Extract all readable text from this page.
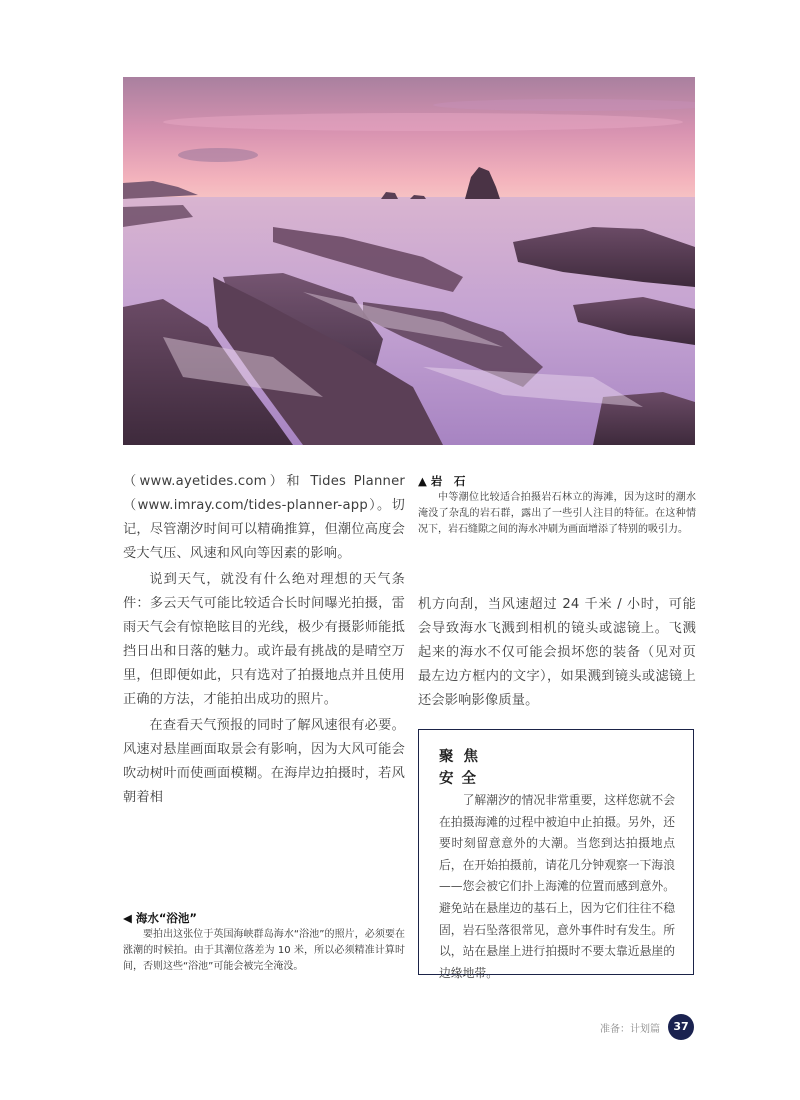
（www.ayetides.com）和 Tides Planner（www.imray.com/tides-planner-app）。切记，尽管潮汐时间可以精确推算，但潮位高度会受大气压、风速和风向等因素的影响。

说到天气，就没有什么绝对理想的天气条件：多云天气可能比较适合长时间曝光拍摄，雷雨天气会有惊艳眩目的光线，极少有摄影师能抵挡日出和日落的魅力。或许最有挑战的是晴空万里，但即便如此，只有选对了拍摄地点并且使用正确的方法，才能拍出成功的照片。

在查看天气预报的同时了解风速很有必要。风速对悬崖画面取景会有影响，因为大风可能会吹动树叶而使画面模糊。在海岸边拍摄时，若风朝着相

机方向刮，当风速超过 24 千米 / 小时，可能会导致海水飞溅到相机的镜头或滤镜上。飞溅起来的海水不仅可能会损坏您的装备（见对页最左边方框内的文字），如果溅到镜头或滤镜上还会影响影像质量。

▲ 岩　石

中等潮位比较适合拍摄岩石林立的海滩，因为这时的潮水淹没了杂乱的岩石群，露出了一些引人注目的特征。在这种情况下，岩石缝隙之间的海水冲刷为画面增添了特别的吸引力。

◀ 海水“浴池”

要拍出这张位于英国海峡群岛海水“浴池”的照片，必须要在涨潮的时候拍。由于其潮位落差为 10 米，所以必须精准计算时间，否则这些“浴池”可能会被完全淹没。

聚焦
安全

了解潮汐的情况非常重要，这样您就不会在拍摄海滩的过程中被迫中止拍摄。另外，还要时刻留意意外的大潮。当您到达拍摄地点后，在开始拍摄前，请花几分钟观察一下海浪——您会被它们扑上海滩的位置而感到意外。避免站在悬崖边的基石上，因为它们往往不稳固，岩石坠落很常见，意外事件时有发生。所以，站在悬崖上进行拍摄时不要太靠近悬崖的边缘地带。

准备：计划篇	37
